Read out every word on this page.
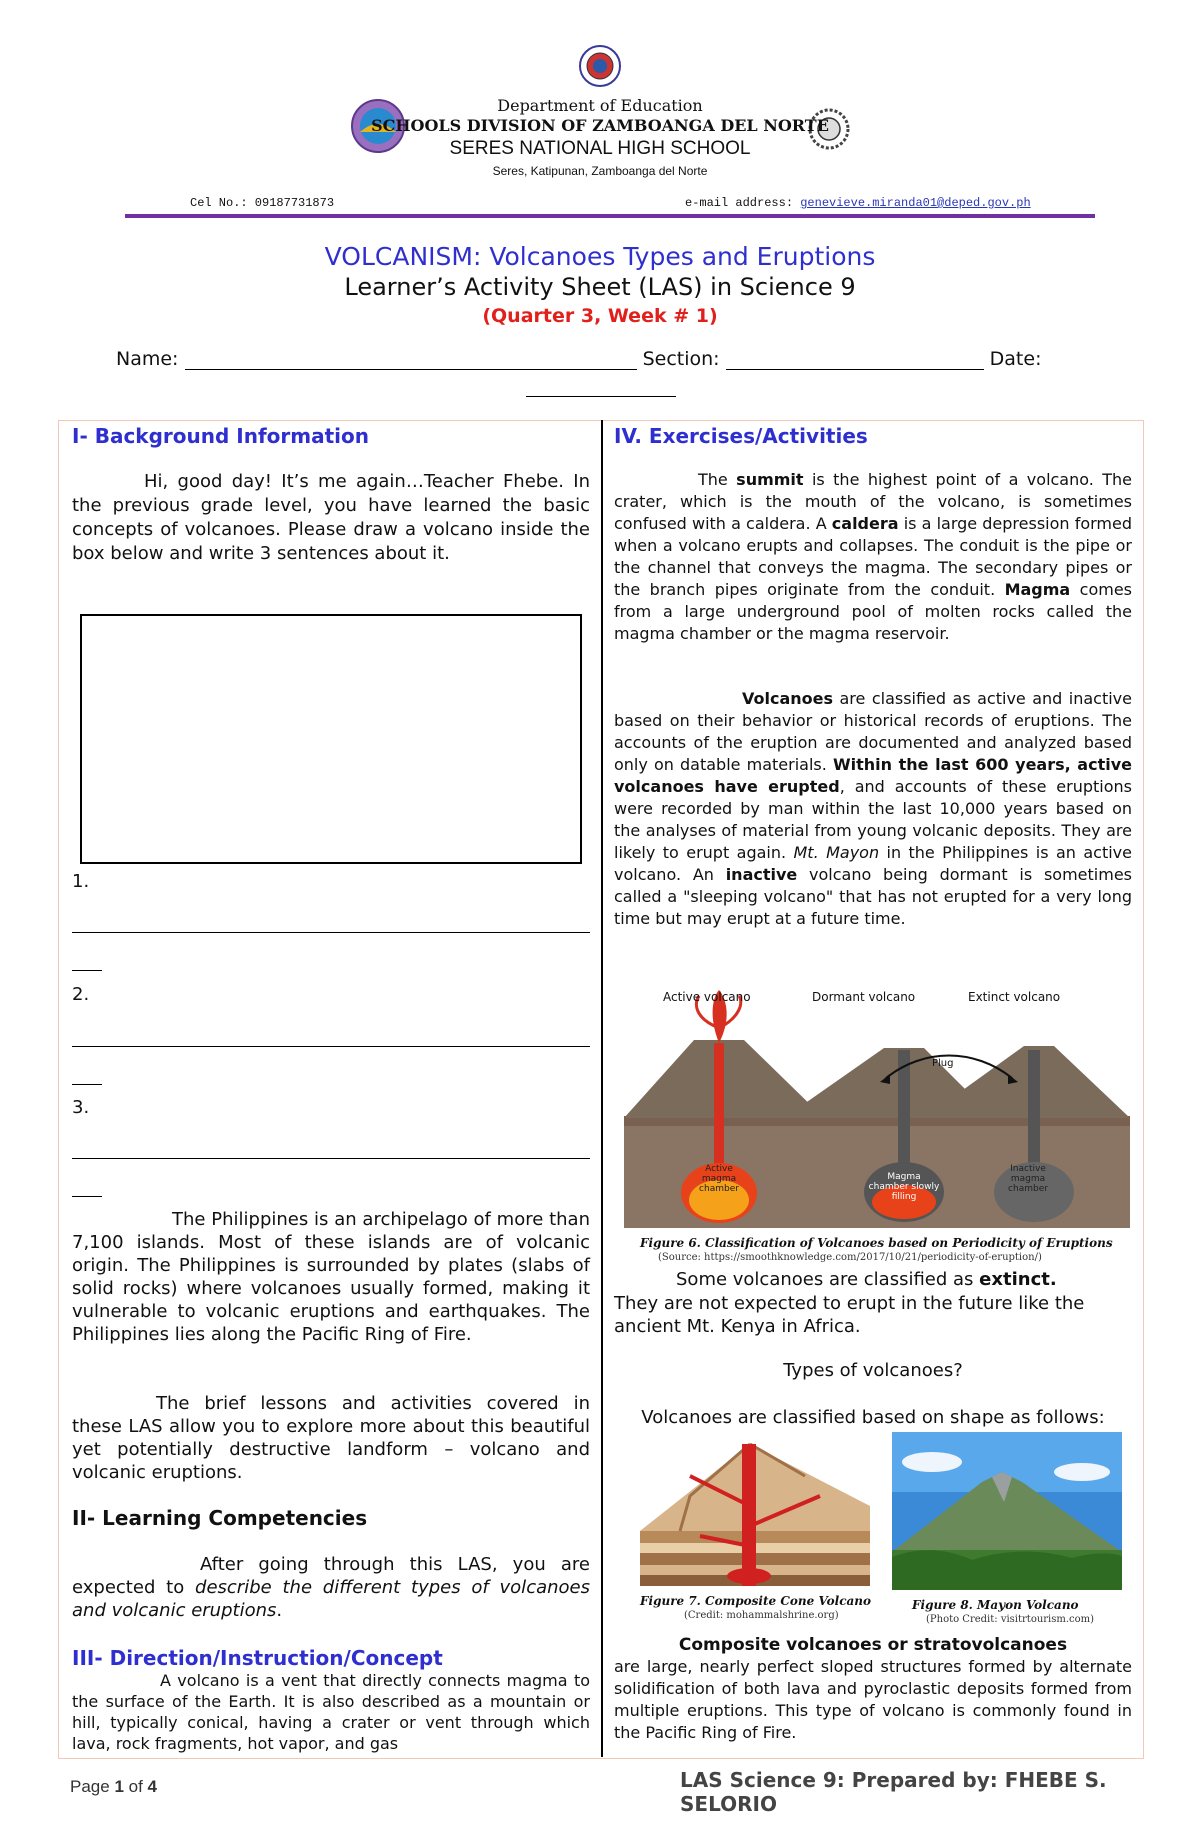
Department of Education
SCHOOLS DIVISION OF ZAMBOANGA DEL NORTE
SERES NATIONAL HIGH SCHOOL
Seres, Katipunan, Zamboanga del Norte
Cel No.: 09187731873	e-mail address: genevieve.miranda01@deped.gov.ph
VOLCANISM: Volcanoes Types and Eruptions
Learner’s Activity Sheet (LAS) in Science 9
(Quarter 3, Week # 1)
Name:	Section:	Date:
I- Background Information
Hi, good day! It’s me again…Teacher Fhebe. In the previous grade level, you have learned the basic concepts of volcanoes. Please draw a volcano inside the box below and write 3 sentences about it.
1.
2.
3.
The Philippines is an archipelago of more than 7,100 islands. Most of these islands are of volcanic origin. The Philippines is surrounded by plates (slabs of solid rocks) where volcanoes usually formed, making it vulnerable to volcanic eruptions and earthquakes. The Philippines lies along the Pacific Ring of Fire.
The brief lessons and activities covered in these LAS allow you to explore more about this beautiful yet potentially destructive landform – volcano and volcanic eruptions.
II- Learning Competencies
After going through this LAS, you are expected to describe the different types of volcanoes and volcanic eruptions.
III- Direction/Instruction/Concept
A volcano is a vent that directly connects magma to the surface of the Earth. It is also described as a mountain or hill, typically conical, having a crater or vent through which lava, rock fragments, hot vapor, and gas
IV. Exercises/Activities
The summit is the highest point of a volcano. The crater, which is the mouth of the volcano, is sometimes confused with a caldera. A caldera is a large depression formed when a volcano erupts and collapses. The conduit is the pipe or the channel that conveys the magma. The secondary pipes or the branch pipes originate from the conduit. Magma comes from a large underground pool of molten rocks called the magma chamber or the magma reservoir.
Volcanoes are classified as active and inactive based on their behavior or historical records of eruptions. The accounts of the eruption are documented and analyzed based only on datable materials. Within the last 600 years, active volcanoes have erupted, and accounts of these eruptions were recorded by man within the last 10,000 years based on the analyses of material from young volcanic deposits. They are likely to erupt again. Mt. Mayon in the Philippines is an active volcano. An inactive volcano being dormant is sometimes called a "sleeping volcano" that has not erupted for a very long time but may erupt at a future time.
Active volcano	Dormant volcano	Extinct volcano
Plug
Active magma chamber
Magma chamber slowly filling
Inactive magma chamber
Figure 6. Classification of Volcanoes based on Periodicity of Eruptions
(Source: https://smoothknowledge.com/2017/10/21/periodicity-of-eruption/)
Some volcanoes are classified as extinct.
They are not expected to erupt in the future like the ancient Mt. Kenya in Africa.
Types of volcanoes?
Volcanoes are classified based on shape as follows:
Figure 7. Composite Cone Volcano
(Credit: mohammalshrine.org)
Figure 8. Mayon Volcano
(Photo Credit: visitrtourism.com)
Composite volcanoes or stratovolcanoes
are large, nearly perfect sloped structures formed by alternate solidification of both lava and pyroclastic deposits formed from multiple eruptions. This type of volcano is commonly found in the Pacific Ring of Fire.
Page 1 of 4	LAS Science 9: Prepared by: FHEBE S. SELORIO
